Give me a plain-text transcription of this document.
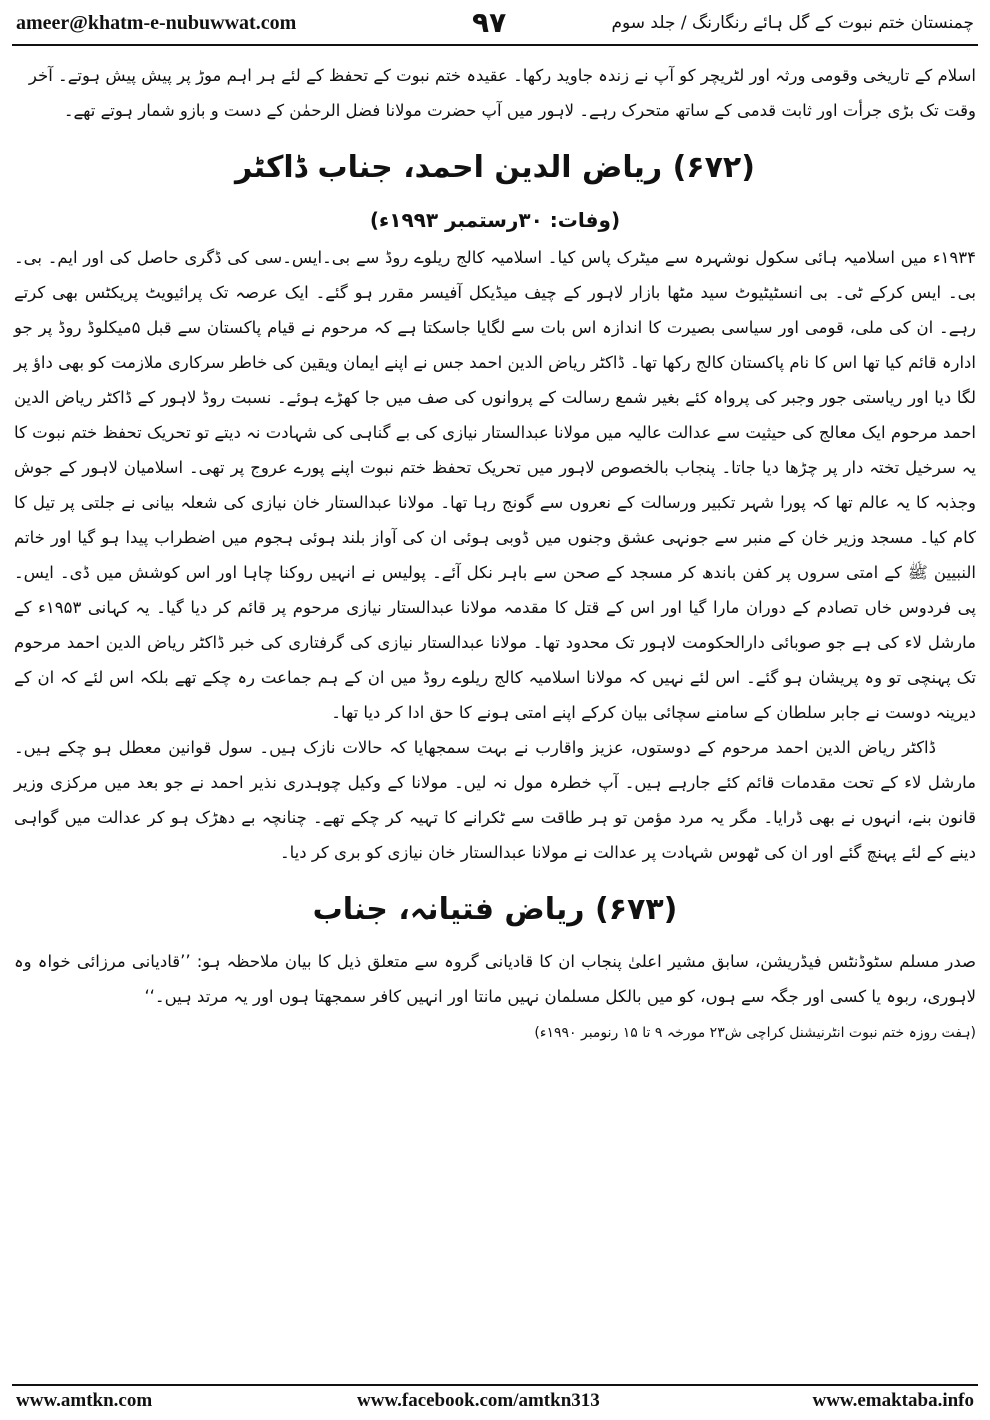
ameer@khatm-e-nubuwwat.com	۹۷	چمنستان ختم نبوت کے گل ہائے رنگارنگ / جلد سوم

اسلام کے تاریخی وقومی ورثہ اور لٹریچر کو آپ نے زندہ جاوید رکھا۔ عقیدہ ختم نبوت کے تحفظ کے لئے ہر اہم موڑ پر پیش پیش ہوتے۔ آخر

وقت تک بڑی جرأت اور ثابت قدمی کے ساتھ متحرک رہے۔ لاہور میں آپ حضرت مولانا فضل الرحمٰن کے دست و بازو شمار ہوتے تھے۔

(۶۷۲) ریاض الدین احمد، جناب ڈاکٹر
(وفات: ۳۰رستمبر ۱۹۹۳ء)

۱۹۳۴ء میں اسلامیہ ہائی سکول نوشہرہ سے میٹرک پاس کیا۔ اسلامیہ کالج ریلوے روڈ سے بی۔ایس۔سی کی ڈگری حاصل کی اور ایم۔ بی۔ بی۔ ایس کرکے ٹی۔ بی انسٹیٹیوٹ سید مٹھا بازار لاہور کے چیف میڈیکل آفیسر مقرر ہو گئے۔ ایک عرصہ تک پرائیویٹ پریکٹس بھی کرتے رہے۔ ان کی ملی، قومی اور سیاسی بصیرت کا اندازہ اس بات سے لگایا جاسکتا ہے کہ مرحوم نے قیام پاکستان سے قبل ۵میکلوڈ روڈ پر جو ادارہ قائم کیا تھا اس کا نام پاکستان کالج رکھا تھا۔ ڈاکٹر ریاض الدین احمد جس نے اپنے ایمان ویقین کی خاطر سرکاری ملازمت کو بھی داؤ پر لگا دیا اور ریاستی جور وجبر کی پرواہ کئے بغیر شمع رسالت کے پروانوں کی صف میں جا کھڑے ہوئے۔ نسبت روڈ لاہور کے ڈاکٹر ریاض الدین احمد مرحوم ایک معالج کی حیثیت سے عدالت عالیہ میں مولانا عبدالستار نیازی کی بے گناہی کی شہادت نہ دیتے تو تحریک تحفظ ختم نبوت کا یہ سرخیل تختہ دار پر چڑھا دیا جاتا۔ پنجاب بالخصوص لاہور میں تحریک تحفظ ختم نبوت اپنے پورے عروج پر تھی۔ اسلامیان لاہور کے جوش وجذبہ کا یہ عالم تھا کہ پورا شہر تکبیر ورسالت کے نعروں سے گونج رہا تھا۔ مولانا عبدالستار خان نیازی کی شعلہ بیانی نے جلتی پر تیل کا کام کیا۔ مسجد وزیر خان کے منبر سے جونہی عشق وجنوں میں ڈوبی ہوئی ان کی آواز بلند ہوئی ہجوم میں اضطراب پیدا ہو گیا اور خاتم النبیین ﷺ کے امتی سروں پر کفن باندھ کر مسجد کے صحن سے باہر نکل آئے۔ پولیس نے انہیں روکنا چاہا اور اس کوشش میں ڈی۔ ایس۔ پی فردوس خاں تصادم کے دوران مارا گیا اور اس کے قتل کا مقدمہ مولانا عبدالستار نیازی مرحوم پر قائم کر دیا گیا۔ یہ کہانی ۱۹۵۳ء کے مارشل لاء کی ہے جو صوبائی دارالحکومت لاہور تک محدود تھا۔ مولانا عبدالستار نیازی کی گرفتاری کی خبر ڈاکٹر ریاض الدین احمد مرحوم تک پہنچی تو وہ پریشان ہو گئے۔ اس لئے نہیں کہ مولانا اسلامیہ کالج ریلوے روڈ میں ان کے ہم جماعت رہ چکے تھے بلکہ اس لئے کہ ان کے دیرینہ دوست نے جابر سلطان کے سامنے سچائی بیان کرکے اپنے امتی ہونے کا حق ادا کر دیا تھا۔

ڈاکٹر ریاض الدین احمد مرحوم کے دوستوں، عزیز واقارب نے بہت سمجھایا کہ حالات نازک ہیں۔ سول قوانین معطل ہو چکے ہیں۔ مارشل لاء کے تحت مقدمات قائم کئے جارہے ہیں۔ آپ خطرہ مول نہ لیں۔ مولانا کے وکیل چوہدری نذیر احمد نے جو بعد میں مرکزی وزیر قانون بنے، انہوں نے بھی ڈرایا۔ مگر یہ مرد مؤمن تو ہر طاقت سے ٹکرانے کا تہیہ کر چکے تھے۔ چنانچہ بے دھڑک ہو کر عدالت میں گواہی دینے کے لئے پہنچ گئے اور ان کی ٹھوس شہادت پر عدالت نے مولانا عبدالستار خان نیازی کو بری کر دیا۔

(۶۷۳) ریاض فتیانہ، جناب

صدر مسلم سٹوڈنٹس فیڈریشن، سابق مشیر اعلیٰ پنجاب ان کا قادیانی گروہ سے متعلق ذیل کا بیان ملاحظہ ہو: ’’قادیانی مرزائی خواہ وہ لاہوری، ربوہ یا کسی اور جگہ سے ہوں، کو میں بالکل مسلمان نہیں مانتا اور انہیں کافر سمجھتا ہوں اور یہ مرتد ہیں۔‘‘

(ہفت روزہ ختم نبوت انٹرنیشنل کراچی ش۲۳ مورخہ ۹ تا ۱۵ رنومبر ۱۹۹۰ء)

www.amtkn.com	www.facebook.com/amtkn313	www.emaktaba.info
